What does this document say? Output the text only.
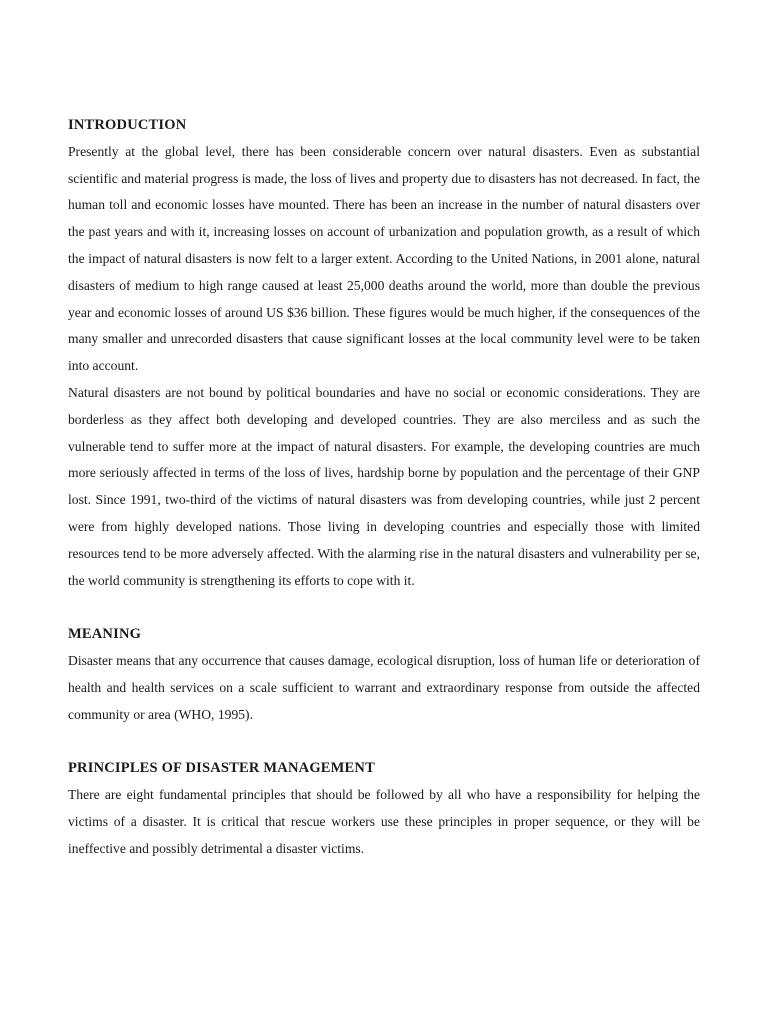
INTRODUCTION

Presently at the global level, there has been considerable concern over natural disasters. Even as substantial scientific and material progress is made, the loss of lives and property due to disasters has not decreased. In fact, the human toll and economic losses have mounted. There has been an increase in the number of natural disasters over the past years and with it, increasing losses on account of urbanization and population growth, as a result of which the impact of natural disasters is now felt to a larger extent. According to the United Nations, in 2001 alone, natural disasters of medium to high range caused at least 25,000 deaths around the world, more than double the previous year and economic losses of around US $36 billion. These figures would be much higher, if the consequences of the many smaller and unrecorded disasters that cause significant losses at the local community level were to be taken into account.

Natural disasters are not bound by political boundaries and have no social or economic considerations. They are borderless as they affect both developing and developed countries. They are also merciless and as such the vulnerable tend to suffer more at the impact of natural disasters. For example, the developing countries are much more seriously affected in terms of the loss of lives, hardship borne by population and the percentage of their GNP lost. Since 1991, two-third of the victims of natural disasters was from developing countries, while just 2 percent were from highly developed nations. Those living in developing countries and especially those with limited resources tend to be more adversely affected. With the alarming rise in the natural disasters and vulnerability per se, the world community is strengthening its efforts to cope with it.

MEANING

Disaster means that any occurrence that causes damage, ecological disruption, loss of human life or deterioration of health and health services on a scale sufficient to warrant and extraordinary response from outside the affected community or area (WHO, 1995).

PRINCIPLES OF DISASTER MANAGEMENT

There are eight fundamental principles that should be followed by all who have a responsibility for helping the victims of a disaster. It is critical that rescue workers use these principles in proper sequence, or they will be ineffective and possibly detrimental a disaster victims.
